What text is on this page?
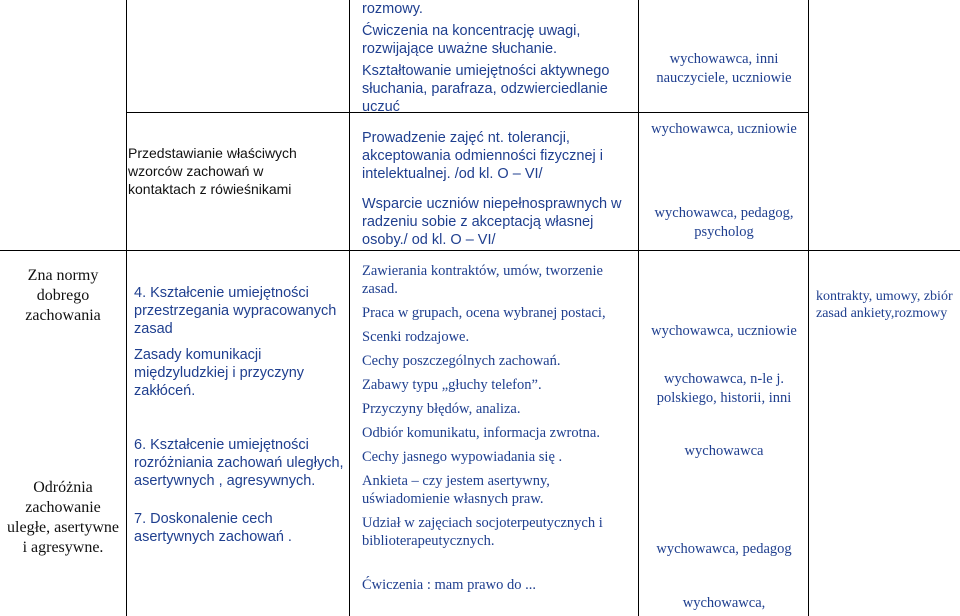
rozmowy.

Ćwiczenia na koncentrację uwagi, rozwijające uważne słuchanie.

Kształtowanie umiejętności aktywnego słuchania, parafraza, odzwierciedlanie uczuć

wychowawca, inni nauczyciele, uczniowie
Przedstawianie właściwych wzorców zachowań w kontaktach z rówieśnikami

Prowadzenie zajęć nt. tolerancji, akceptowania odmienności fizycznej i intelektualnej. /od kl. O – VI/

Wsparcie uczniów niepełnosprawnych w radzeniu sobie z akceptacją własnej osoby./ od kl. O – VI/

wychowawca, uczniowie
wychowawca, pedagog, psycholog
Zna normy dobrego zachowania
Odróżnia zachowanie uległe, asertywne i agresywne.

4. Kształcenie umiejętności przestrzegania wypracowanych zasad

Zasady komunikacji międzyludzkiej i przyczyny zakłóceń.

6. Kształcenie umiejętności rozróżniania zachowań uległych, asertywnych , agresywnych.

7. Doskonalenie cech asertywnych zachowań .

Zawierania kontraktów, umów, tworzenie zasad.

Praca w grupach, ocena wybranej postaci,

Scenki rodzajowe.

Cechy poszczególnych zachowań.

Zabawy typu „głuchy telefon”.

Przyczyny błędów, analiza.

Odbiór komunikatu, informacja zwrotna.

Cechy jasnego wypowiadania się .

Ankieta – czy jestem asertywny, uświadomienie własnych praw.

Udział w zajęciach socjoterpeutycznych i biblioterapeutycznych.

Ćwiczenia : mam prawo do ...

wychowawca, uczniowie
wychowawca, n-le j. polskiego, historii, inni
wychowawca
wychowawca, pedagog
wychowawca,
kontrakty, umowy, zbiór zasad ankiety,rozmowy
